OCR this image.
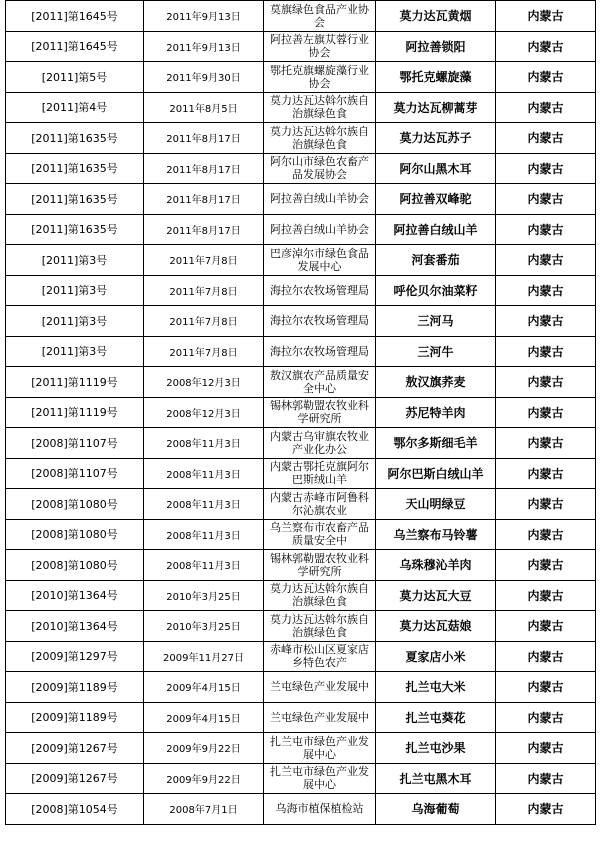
[2011]第1645号	2011年9月13日	莫旗绿色食品产业协会	莫力达瓦黄烟	内蒙古
[2011]第1645号	2011年9月13日	阿拉善左旗苁蓉行业协会	阿拉善锁阳	内蒙古
[2011]第5号	2011年9月30日	鄂托克旗螺旋藻行业协会	鄂托克螺旋藻	内蒙古
[2011]第4号	2011年8月5日	莫力达瓦达斡尔族自治旗绿色食	莫力达瓦柳蒿芽	内蒙古
[2011]第1635号	2011年8月17日	莫力达瓦达斡尔族自治旗绿色食	莫力达瓦苏子	内蒙古
[2011]第1635号	2011年8月17日	阿尔山市绿色农畜产品发展协会	阿尔山黑木耳	内蒙古
[2011]第1635号	2011年8月17日	阿拉善白绒山羊协会	阿拉善双峰驼	内蒙古
[2011]第1635号	2011年8月17日	阿拉善白绒山羊协会	阿拉善白绒山羊	内蒙古
[2011]第3号	2011年7月8日	巴彦淖尔市绿色食品发展中心	河套番茄	内蒙古
[2011]第3号	2011年7月8日	海拉尔农牧场管理局	呼伦贝尔油菜籽	内蒙古
[2011]第3号	2011年7月8日	海拉尔农牧场管理局	三河马	内蒙古
[2011]第3号	2011年7月8日	海拉尔农牧场管理局	三河牛	内蒙古
[2011]第1119号	2008年12月3日	敖汉旗农产品质量安全中心	敖汉旗荞麦	内蒙古
[2011]第1119号	2008年12月3日	锡林郭勒盟农牧业科学研究所	苏尼特羊肉	内蒙古
[2008]第1107号	2008年11月3日	内蒙古乌审旗农牧业产业化办公	鄂尔多斯细毛羊	内蒙古
[2008]第1107号	2008年11月3日	内蒙古鄂托克旗阿尔巴斯绒山羊	阿尔巴斯白绒山羊	内蒙古
[2008]第1080号	2008年11月3日	内蒙古赤峰市阿鲁科尔沁旗农业	天山明绿豆	内蒙古
[2008]第1080号	2008年11月3日	乌兰察布市农畜产品质量安全中	乌兰察布马铃薯	内蒙古
[2008]第1080号	2008年11月3日	锡林郭勒盟农牧业科学研究所	乌珠穆沁羊肉	内蒙古
[2010]第1364号	2010年3月25日	莫力达瓦达斡尔族自治旗绿色食	莫力达瓦大豆	内蒙古
[2010]第1364号	2010年3月25日	莫力达瓦达斡尔族自治旗绿色食	莫力达瓦菇娘	内蒙古
[2009]第1297号	2009年11月27日	赤峰市松山区夏家店乡特色农产	夏家店小米	内蒙古
[2009]第1189号	2009年4月15日	兰屯绿色产业发展中	扎兰屯大米	内蒙古
[2009]第1189号	2009年4月15日	兰屯绿色产业发展中	扎兰屯葵花	内蒙古
[2009]第1267号	2009年9月22日	扎兰屯市绿色产业发展中心	扎兰屯沙果	内蒙古
[2009]第1267号	2009年9月22日	扎兰屯市绿色产业发展中心	扎兰屯黑木耳	内蒙古
[2008]第1054号	2008年7月1日	乌海市植保植检站	乌海葡萄	内蒙古
